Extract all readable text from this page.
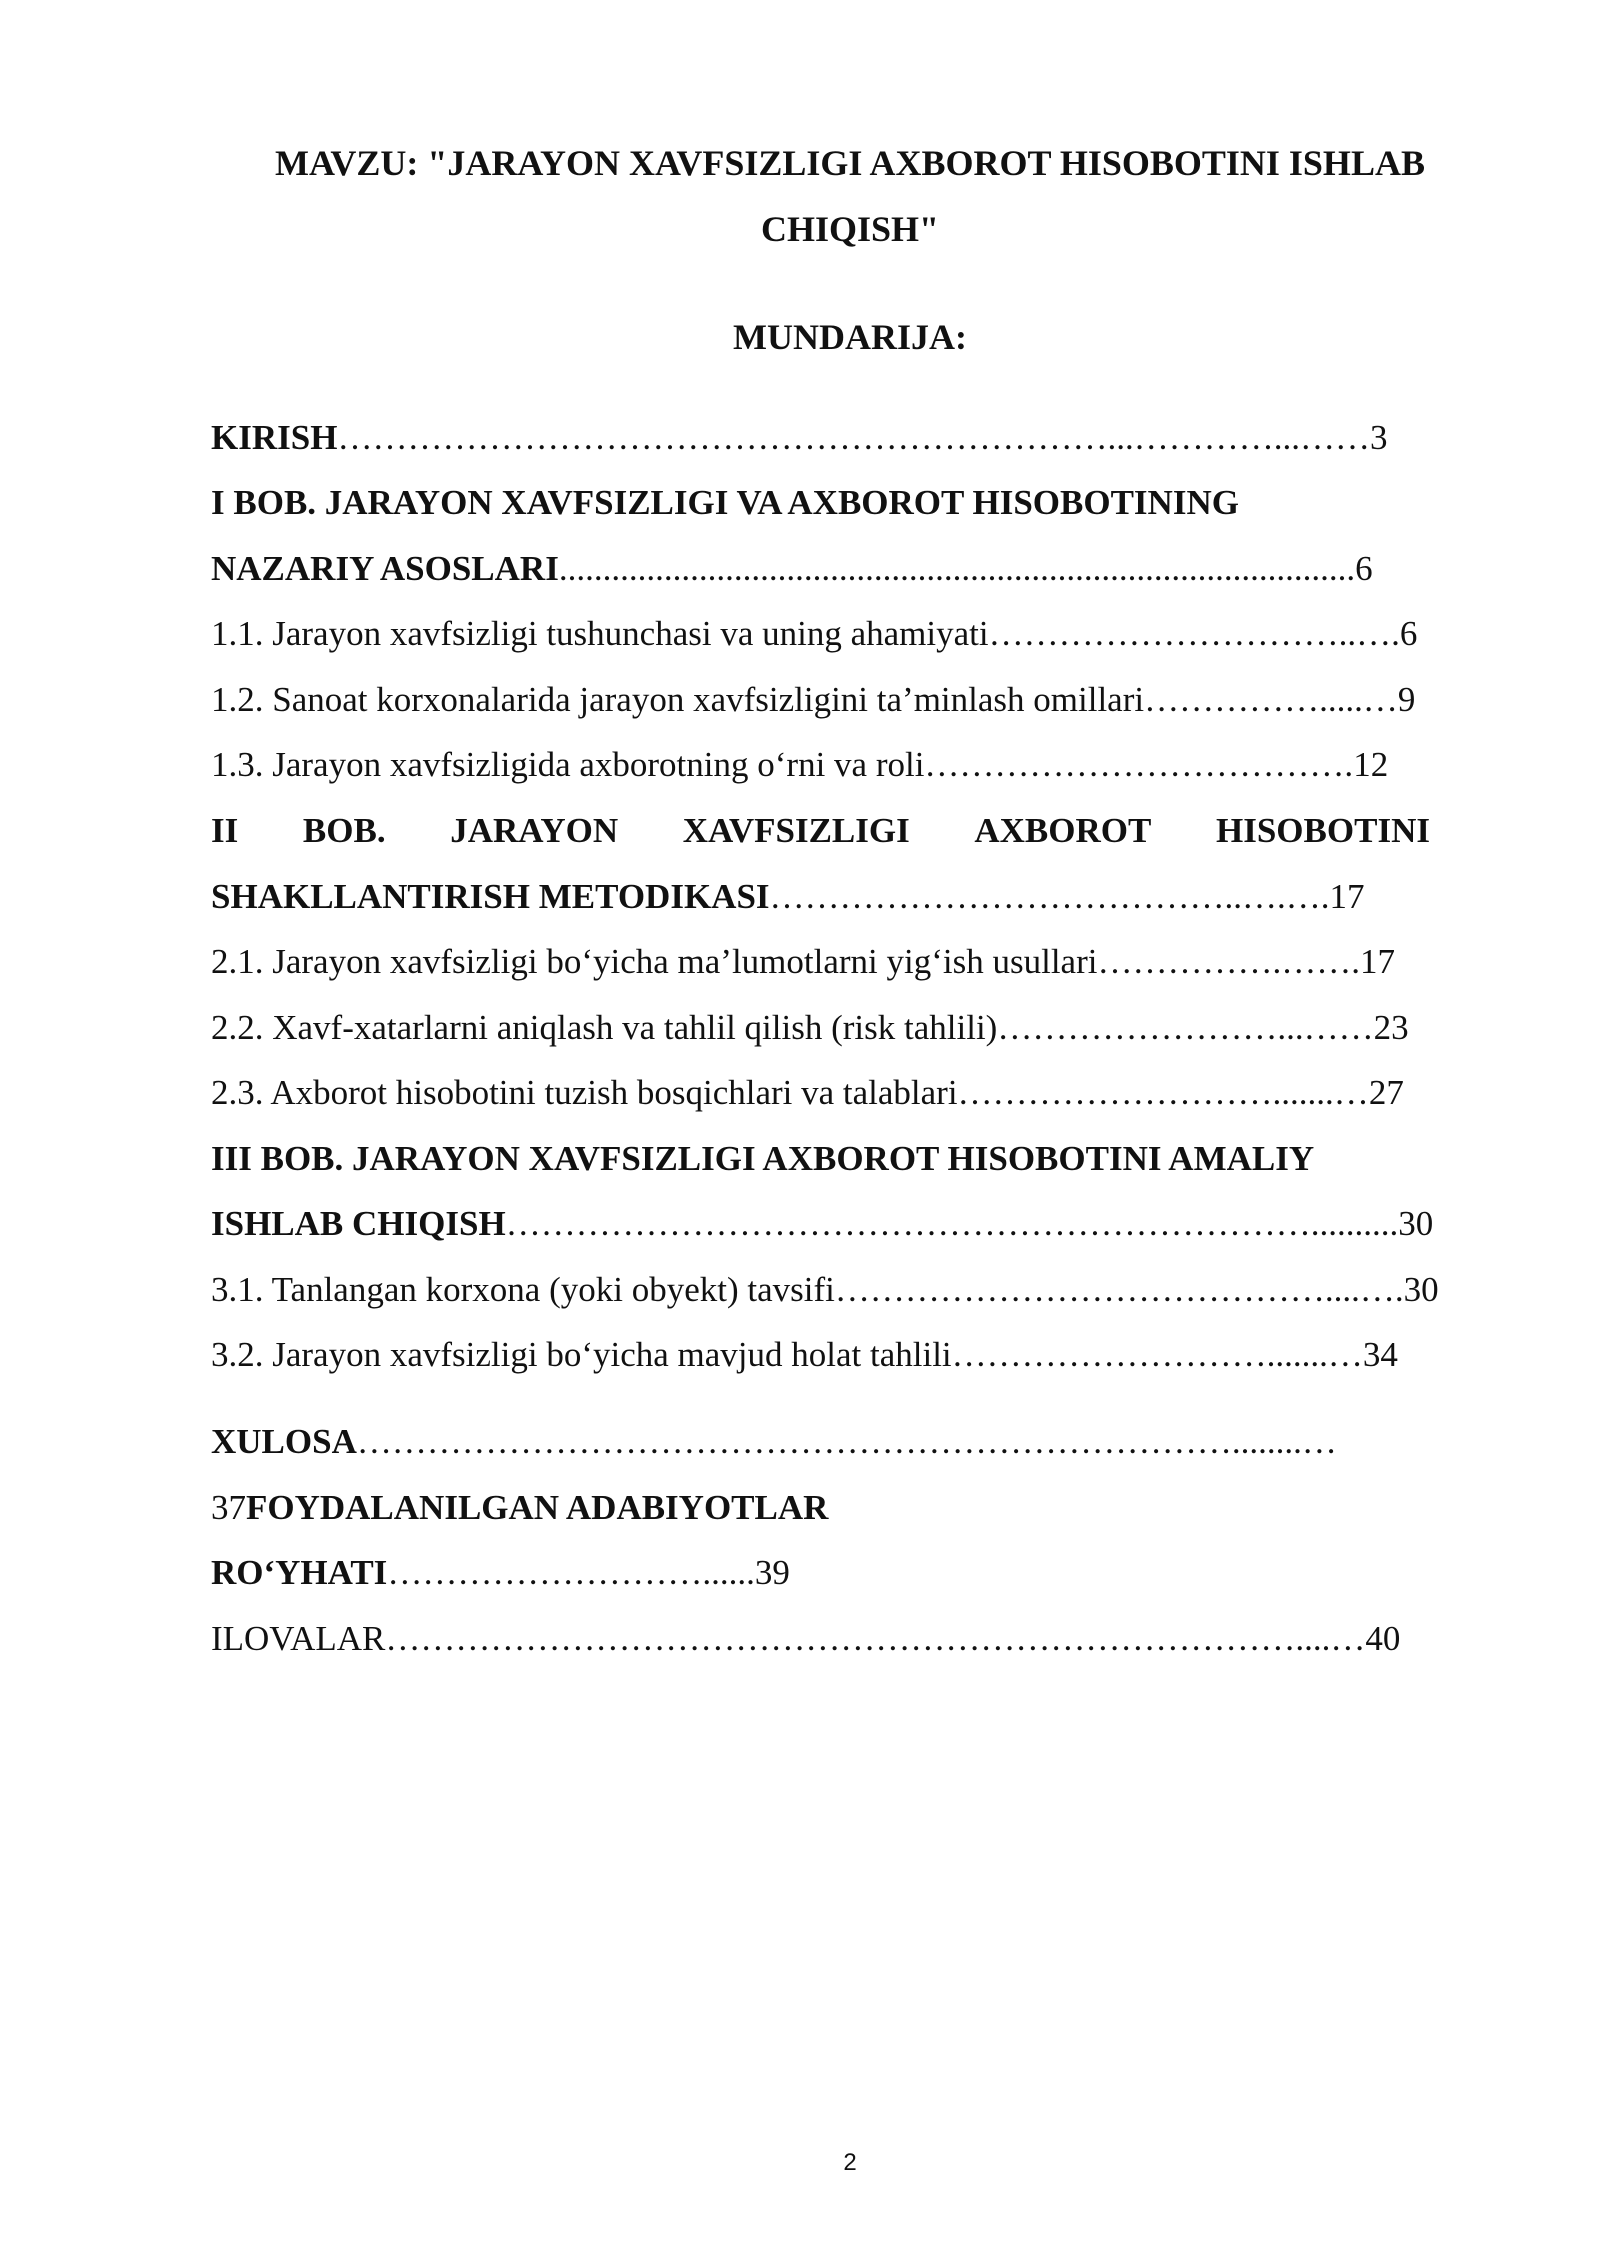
MAVZU: "JARAYON XAVFSIZLIGI AXBOROT HISOBOTINI ISHLAB

CHIQISH"

MUNDARIJA:

KIRISH…………………………………………………………...…………...……3

I BOB. JARAYON XAVFSIZLIGI VA AXBOROT HISOBOTINING

NAZARIY ASOSLARI...........................................................................................6

1.1. Jarayon xavfsizligi tushunchasi va uning ahamiyati…………………………..….6

1.2. Sanoat korxonalarida jarayon xavfsizligini ta’minlash omillari…………….....…9

1.3. Jarayon xavfsizligida axborotning o‘rni va roli……………………………….12

II BOB. JARAYON XAVFSIZLIGI AXBOROT HISOBOTINI

SHAKLLANTIRISH METODIKASI…………………………………..….….17

2.1. Jarayon xavfsizligi bo‘yicha ma’lumotlarni yig‘ish usullari…………….…….17

2.2. Xavf-xatarlarni aniqlash va tahlil qilish (risk tahlili)……………………...……23

2.3. Axborot hisobotini tuzish bosqichlari va talablari……………………….......…27

III BOB. JARAYON XAVFSIZLIGI AXBOROT HISOBOTINI AMALIY

ISHLAB CHIQISH……………………………………………………………..........30

3.1. Tanlangan korxona (yoki obyekt) tavsifi……………………………………....….30

3.2. Jarayon xavfsizligi bo‘yicha mavjud holat tahlili……………………….......…34

XULOSA…………………………………………………………………........…

37FOYDALANILGAN ADABIYOTLAR

RO‘YHATI………………………......39

ILOVALAR……………………………………………………………………....…40

2
